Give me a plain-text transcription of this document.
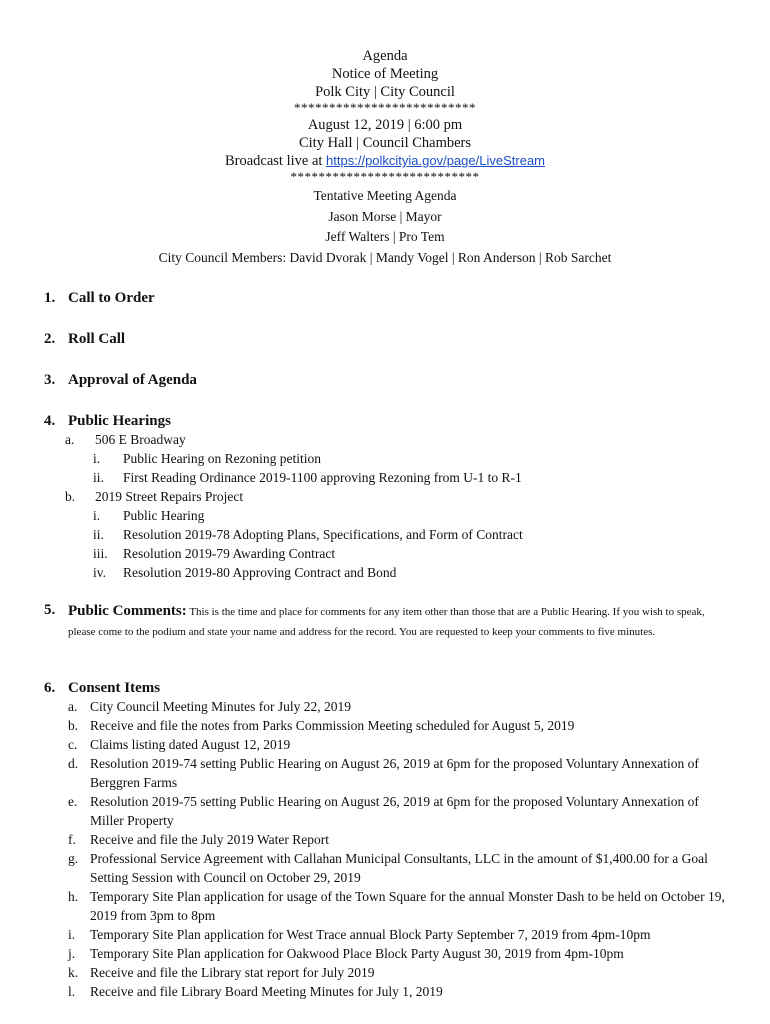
Agenda
Notice of Meeting
Polk City | City Council
**************************
August 12, 2019 | 6:00 pm
City Hall | Council Chambers
Broadcast live at https://polkcityia.gov/page/LiveStream
***************************
Tentative Meeting Agenda
Jason Morse | Mayor
Jeff Walters | Pro Tem
City Council Members: David Dvorak | Mandy Vogel | Ron Anderson | Rob Sarchet
1. Call to Order
2. Roll Call
3. Approval of Agenda
4. Public Hearings
a. 506 E Broadway
i. Public Hearing on Rezoning petition
ii. First Reading Ordinance 2019-1100 approving Rezoning from U-1 to R-1
b. 2019 Street Repairs Project
i. Public Hearing
ii. Resolution 2019-78 Adopting Plans, Specifications, and Form of Contract
iii. Resolution 2019-79 Awarding Contract
iv. Resolution 2019-80 Approving Contract and Bond
5. Public Comments: This is the time and place for comments for any item other than those that are a Public Hearing. If you wish to speak, please come to the podium and state your name and address for the record. You are requested to keep your comments to five minutes.
6. Consent Items
a. City Council Meeting Minutes for July 22, 2019
b. Receive and file the notes from Parks Commission Meeting scheduled for August 5, 2019
c. Claims listing dated August 12, 2019
d. Resolution 2019-74 setting Public Hearing on August 26, 2019 at 6pm for the proposed Voluntary Annexation of Berggren Farms
e. Resolution 2019-75 setting Public Hearing on August 26, 2019 at 6pm for the proposed Voluntary Annexation of Miller Property
f. Receive and file the July 2019 Water Report
g. Professional Service Agreement with Callahan Municipal Consultants, LLC in the amount of $1,400.00 for a Goal Setting Session with Council on October 29, 2019
h. Temporary Site Plan application for usage of the Town Square for the annual Monster Dash to be held on October 19, 2019 from 3pm to 8pm
i. Temporary Site Plan application for West Trace annual Block Party September 7, 2019 from 4pm-10pm
j. Temporary Site Plan application for Oakwood Place Block Party August 30, 2019 from 4pm-10pm
k. Receive and file the Library stat report for July 2019
l. Receive and file Library Board Meeting Minutes for July 1, 2019
